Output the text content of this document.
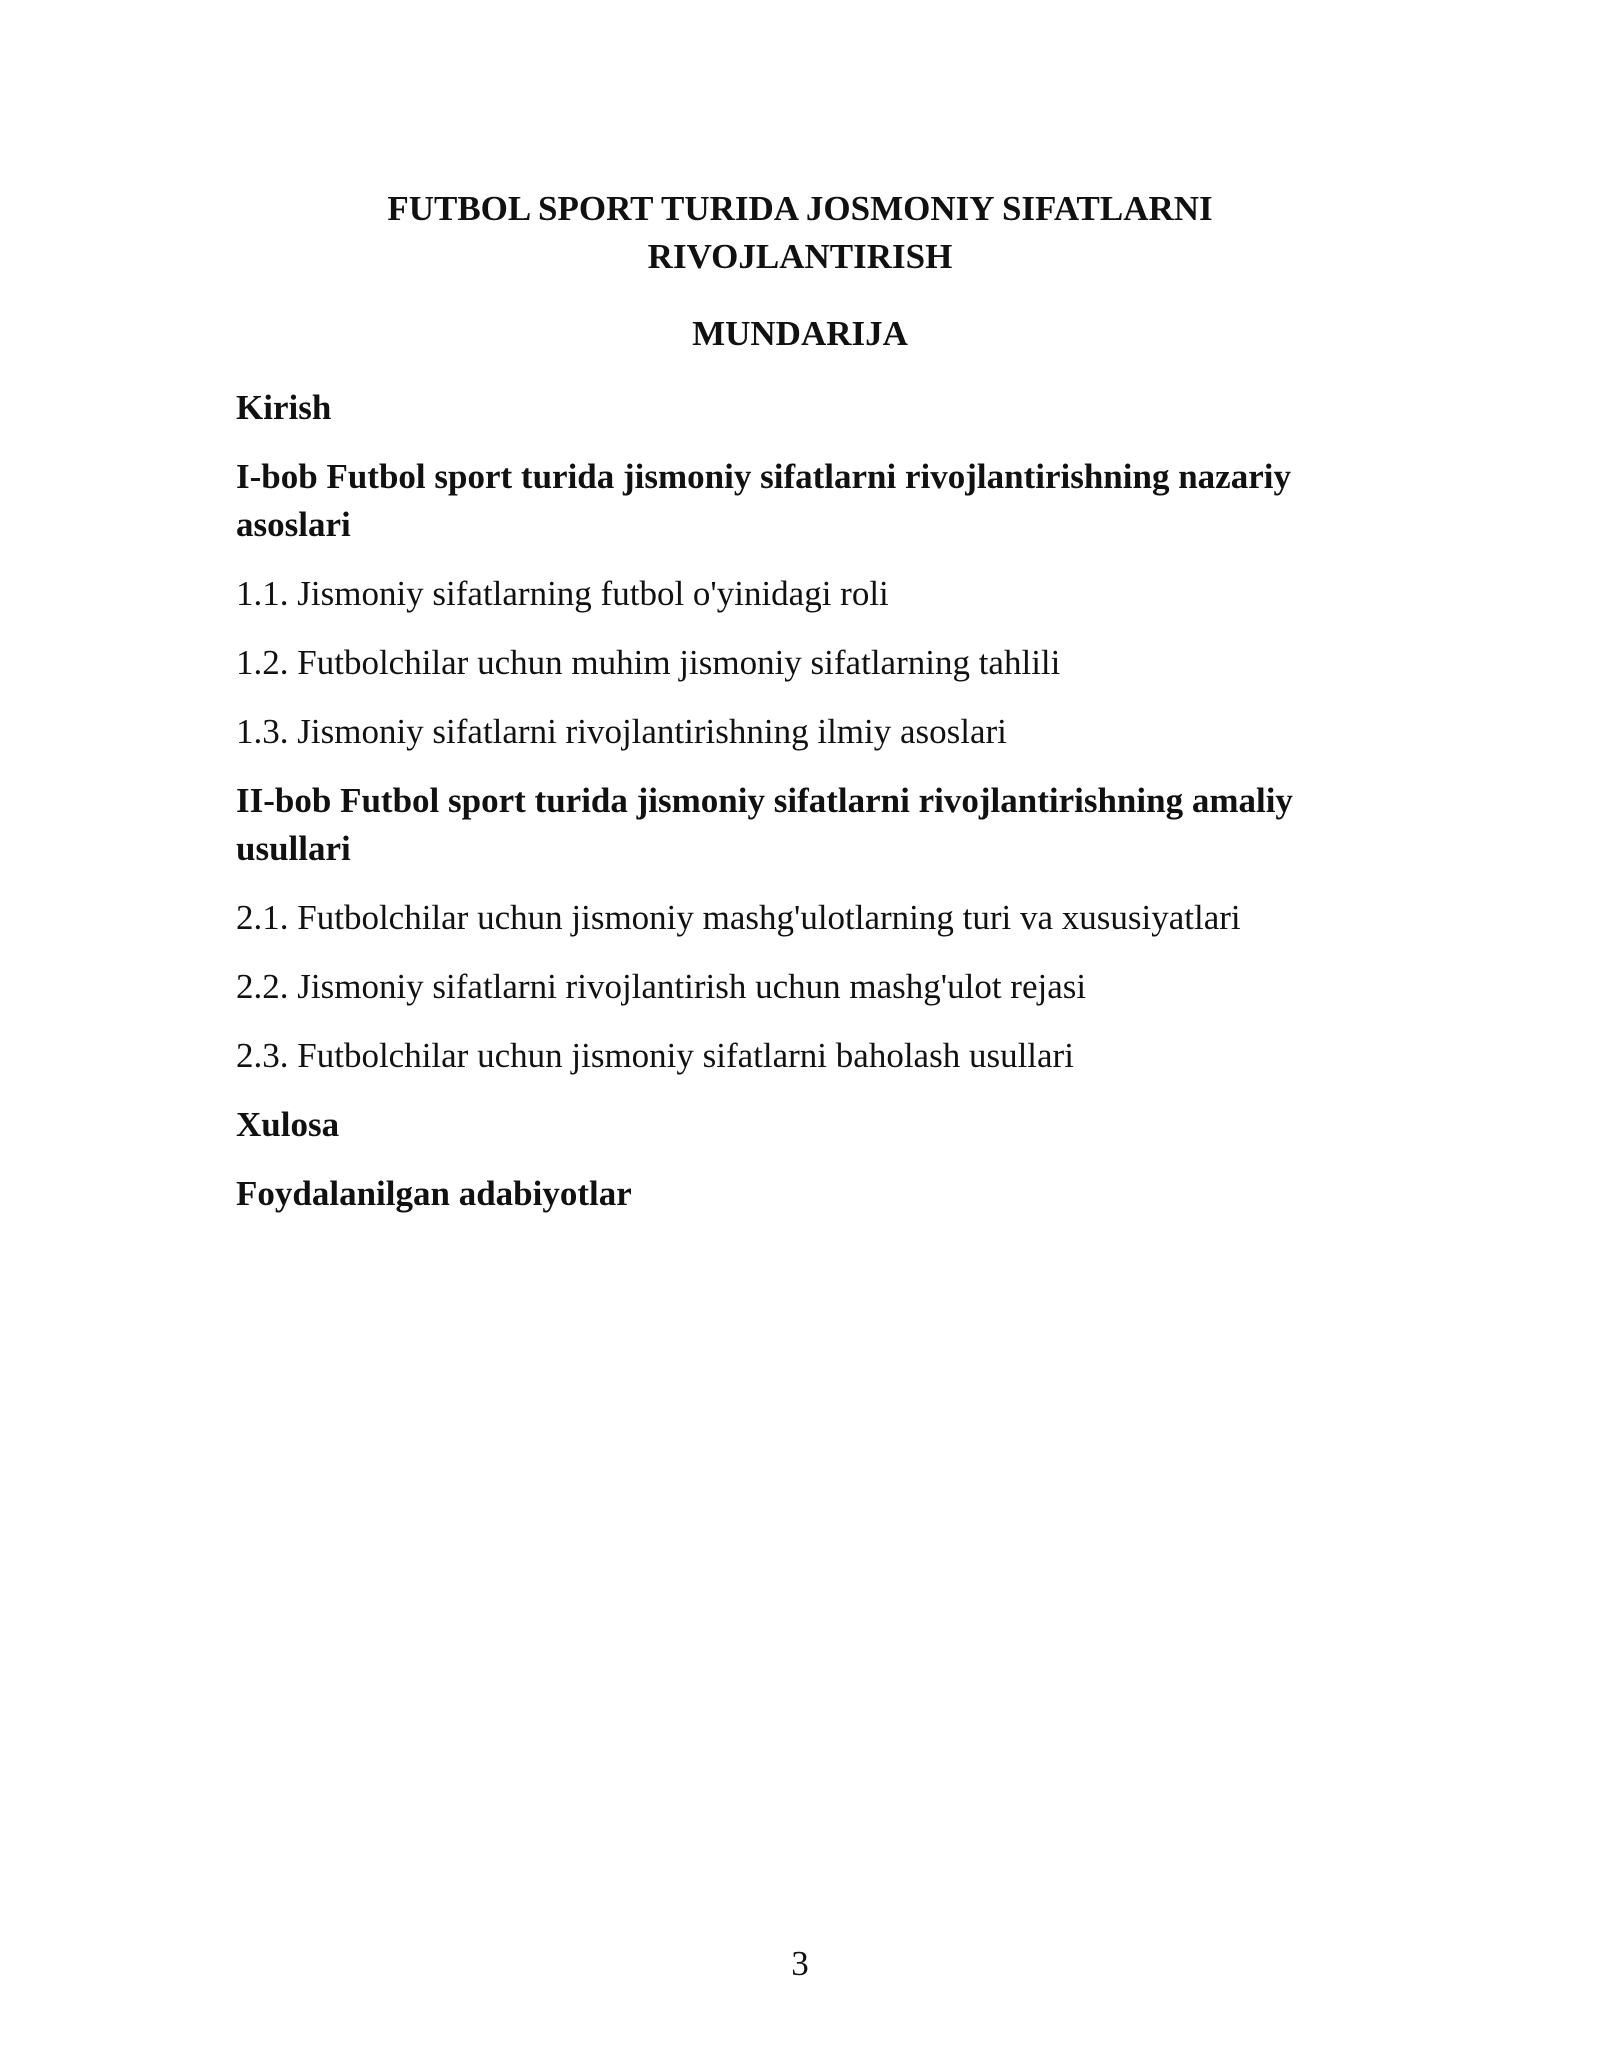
FUTBOL SPORT TURIDA JOSMONIY SIFATLARNI RIVOJLANTIRISH
MUNDARIJA
Kirish
I-bob Futbol sport turida jismoniy sifatlarni rivojlantirishning nazariy asoslari
1.1. Jismoniy sifatlarning futbol o'yinidagi roli
1.2. Futbolchilar uchun muhim jismoniy sifatlarning tahlili
1.3. Jismoniy sifatlarni rivojlantirishning ilmiy asoslari
II-bob Futbol sport turida jismoniy sifatlarni rivojlantirishning amaliy usullari
2.1. Futbolchilar uchun jismoniy mashg'ulotlarning turi va xususiyatlari
2.2. Jismoniy sifatlarni rivojlantirish uchun mashg'ulot rejasi
2.3. Futbolchilar uchun jismoniy sifatlarni baholash usullari
Xulosa
Foydalanilgan adabiyotlar
3
